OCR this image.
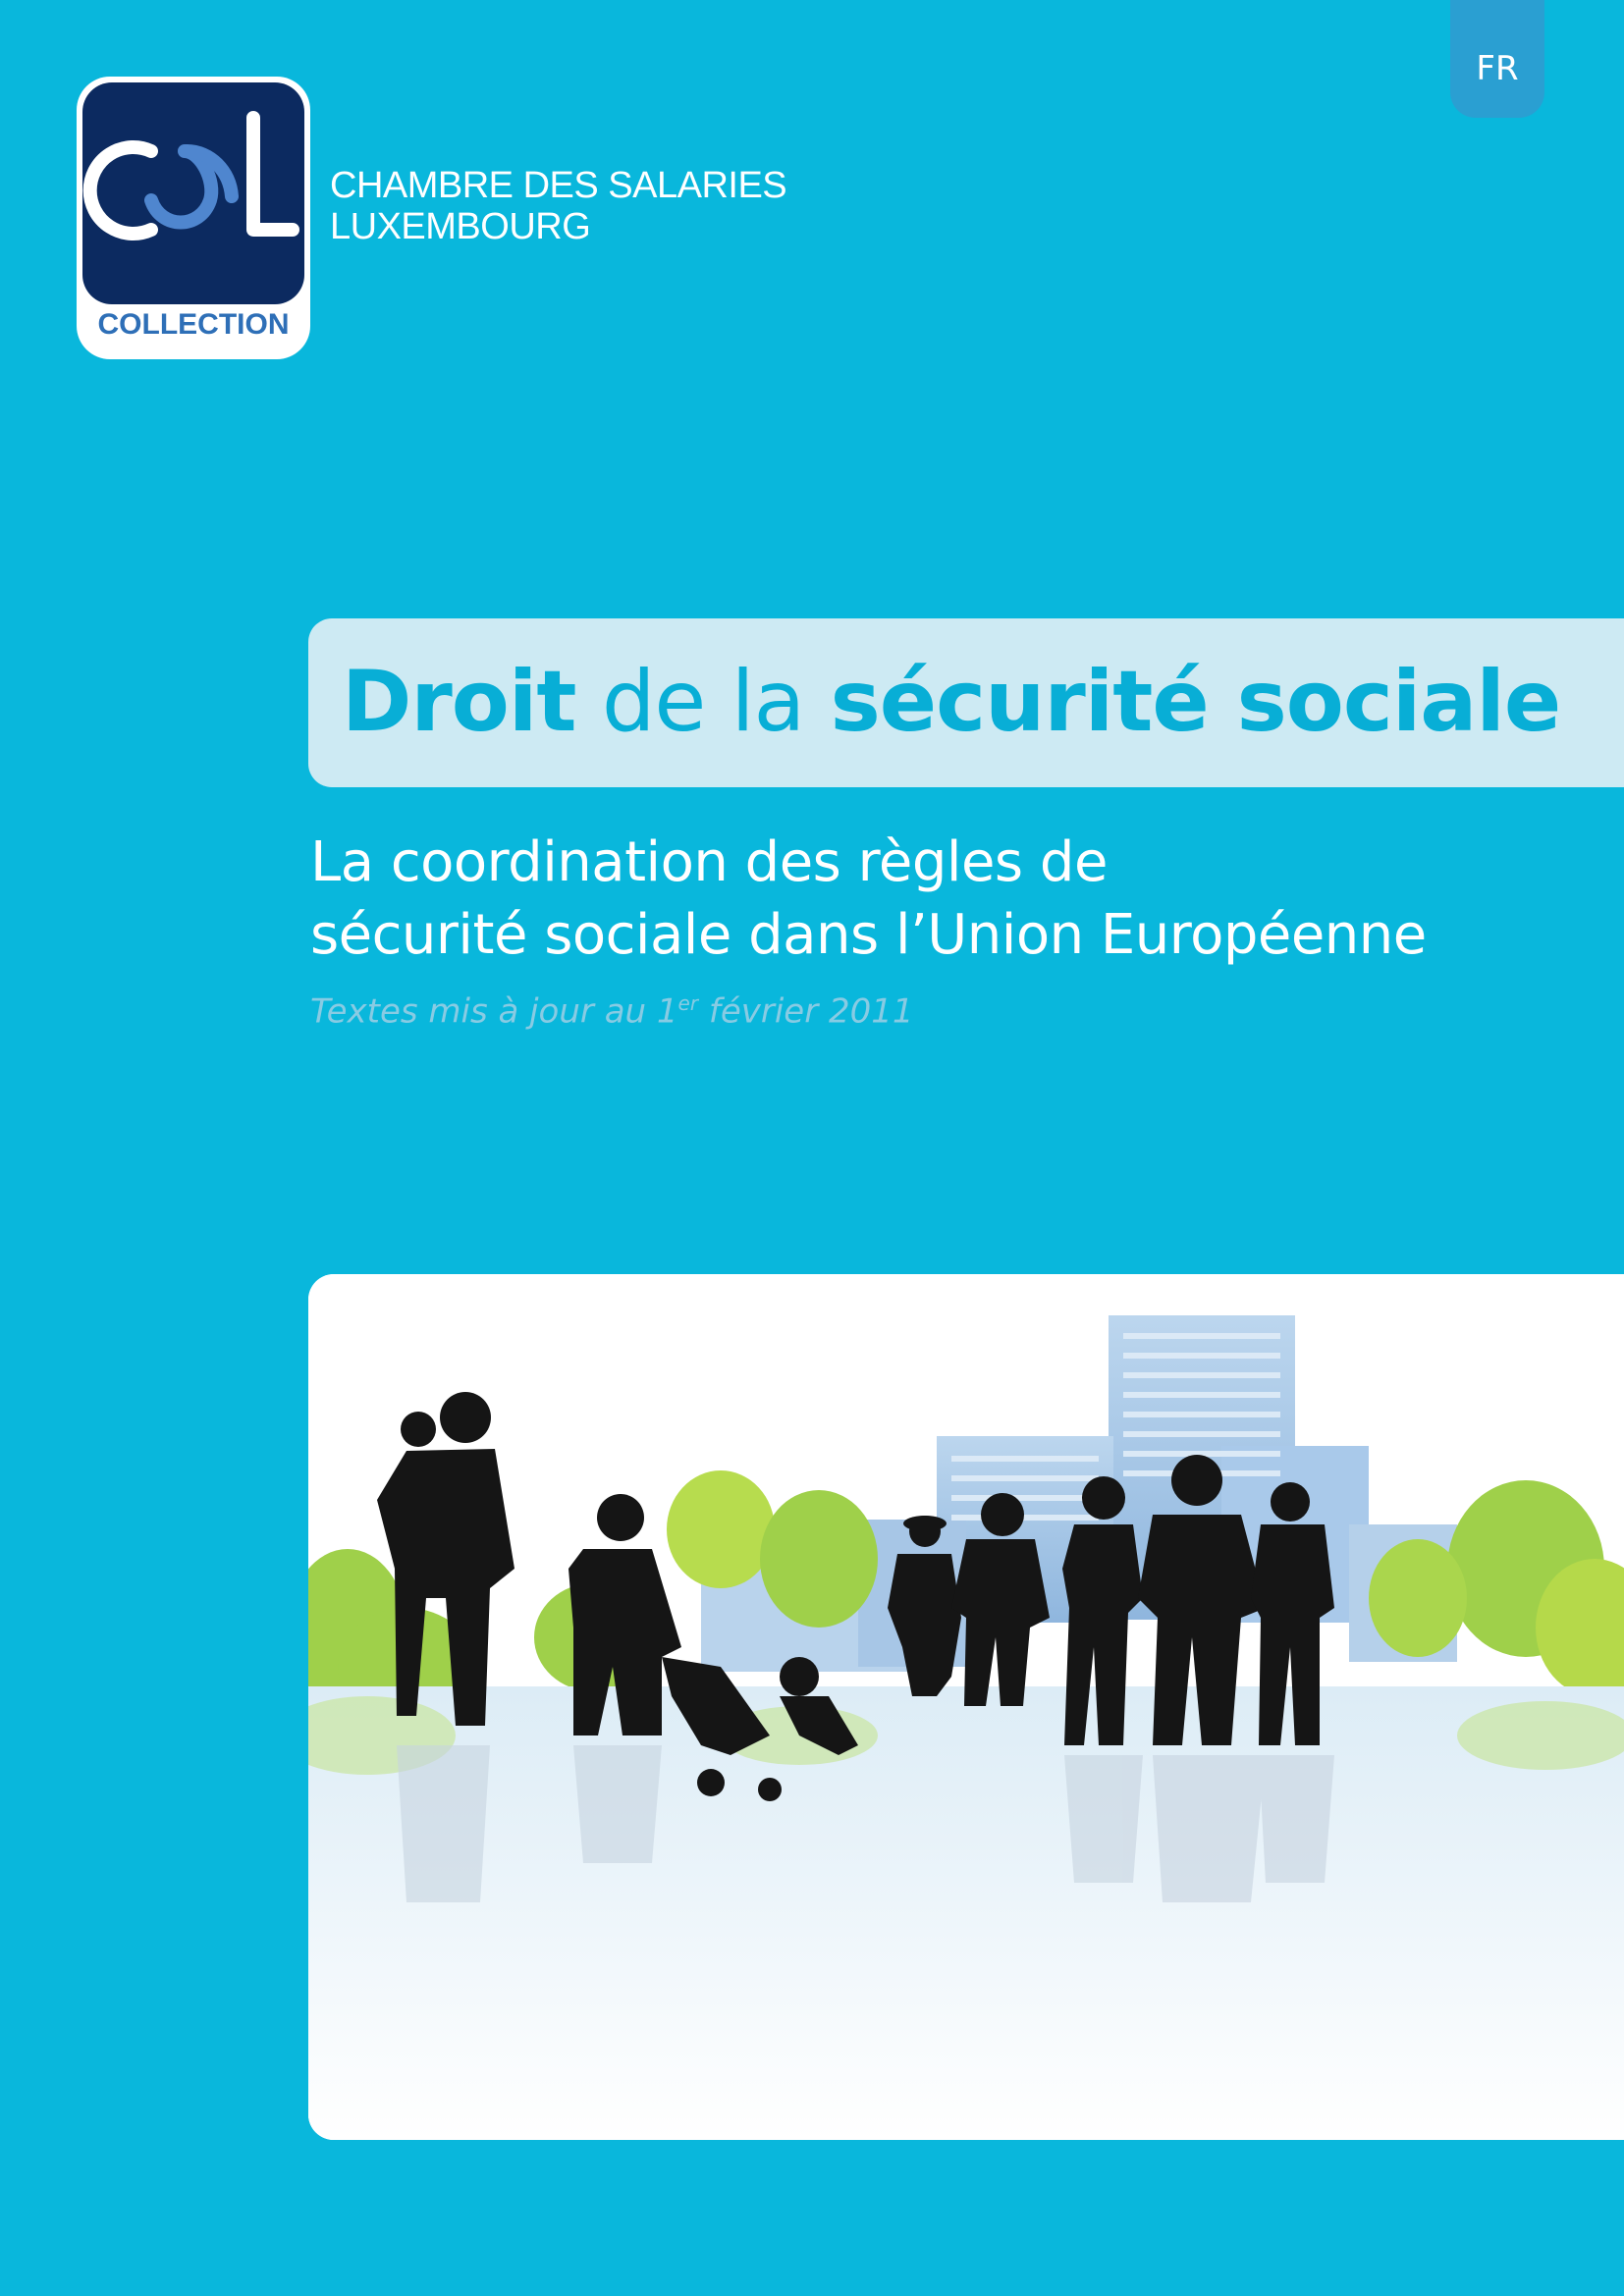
FR
COLLECTION
CHAMBRE DES SALARIES
LUXEMBOURG
Droit de la sécurité sociale
La coordination des règles de
sécurité sociale dans l’Union Européenne
Textes mis à jour au 1er février 2011
